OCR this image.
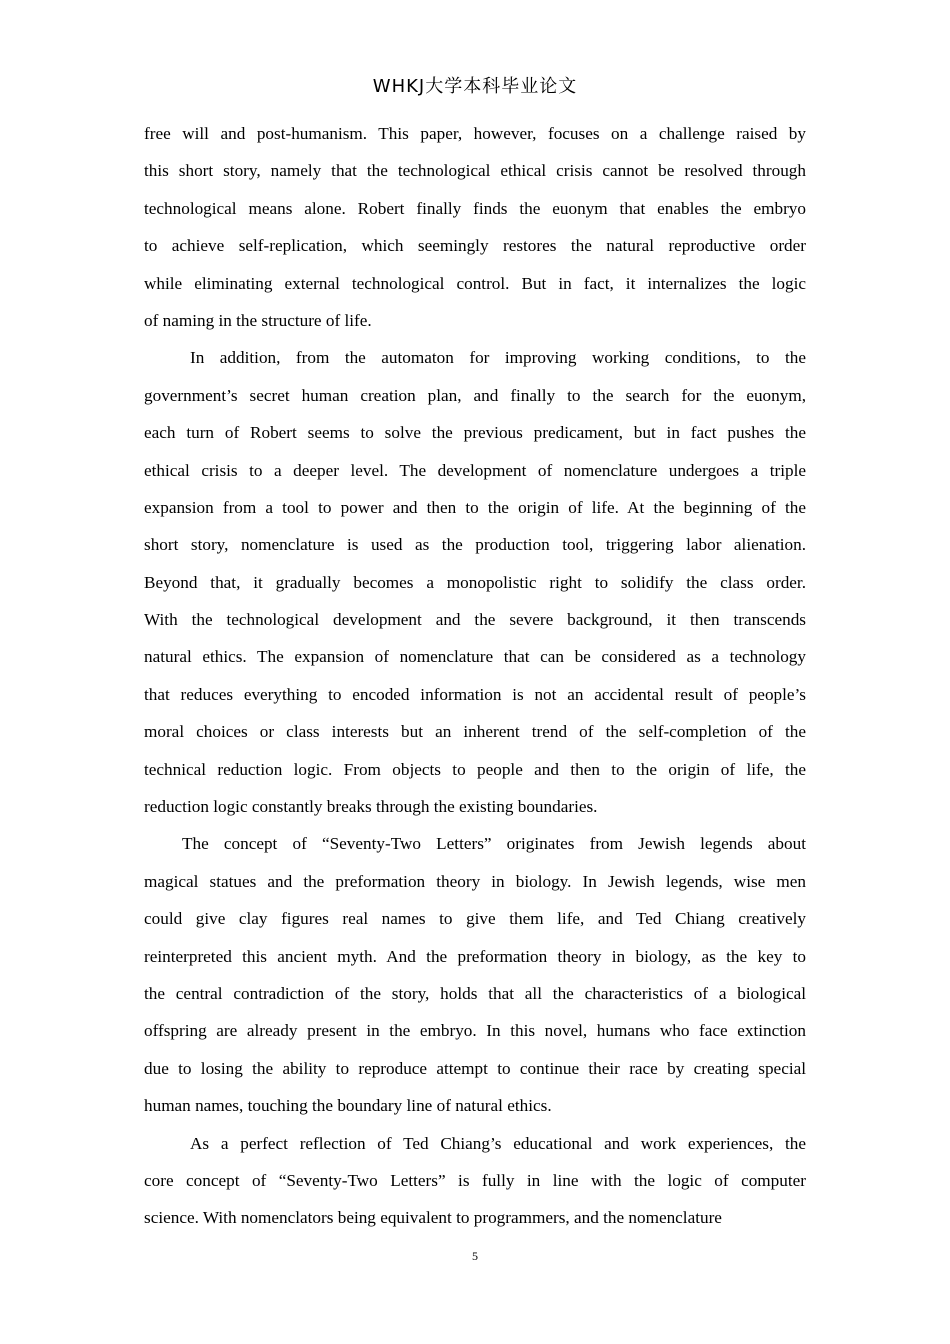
WHKJ大学本科毕业论文
free will and post-humanism. This paper, however, focuses on a challenge raised by
this short story, namely that the technological ethical crisis cannot be resolved through
technological means alone. Robert finally finds the euonym that enables the embryo
to achieve self-replication, which seemingly restores the natural reproductive order
while eliminating external technological control. But in fact, it internalizes the logic
of naming in the structure of life.
In addition, from the automaton for improving working conditions, to the
government’s secret human creation plan, and finally to the search for the euonym,
each turn of Robert seems to solve the previous predicament, but in fact pushes the
ethical crisis to a deeper level. The development of nomenclature undergoes a triple
expansion from a tool to power and then to the origin of life. At the beginning of the
short story, nomenclature is used as the production tool, triggering labor alienation.
Beyond that, it gradually becomes a monopolistic right to solidify the class order.
With the technological development and the severe background, it then transcends
natural ethics. The expansion of nomenclature that can be considered as a technology
that reduces everything to encoded information is not an accidental result of people’s
moral choices or class interests but an inherent trend of the self-completion of the
technical reduction logic. From objects to people and then to the origin of life, the
reduction logic constantly breaks through the existing boundaries.
The concept of “Seventy-Two Letters” originates from Jewish legends about
magical statues and the preformation theory in biology. In Jewish legends, wise men
could give clay figures real names to give them life, and Ted Chiang creatively
reinterpreted this ancient myth. And the preformation theory in biology, as the key to
the central contradiction of the story, holds that all the characteristics of a biological
offspring are already present in the embryo. In this novel, humans who face extinction
due to losing the ability to reproduce attempt to continue their race by creating special
human names, touching the boundary line of natural ethics.
As a perfect reflection of Ted Chiang’s educational and work experiences, the
core concept of “Seventy-Two Letters” is fully in line with the logic of computer
science. With nomenclators being equivalent to programmers, and the nomenclature
5
